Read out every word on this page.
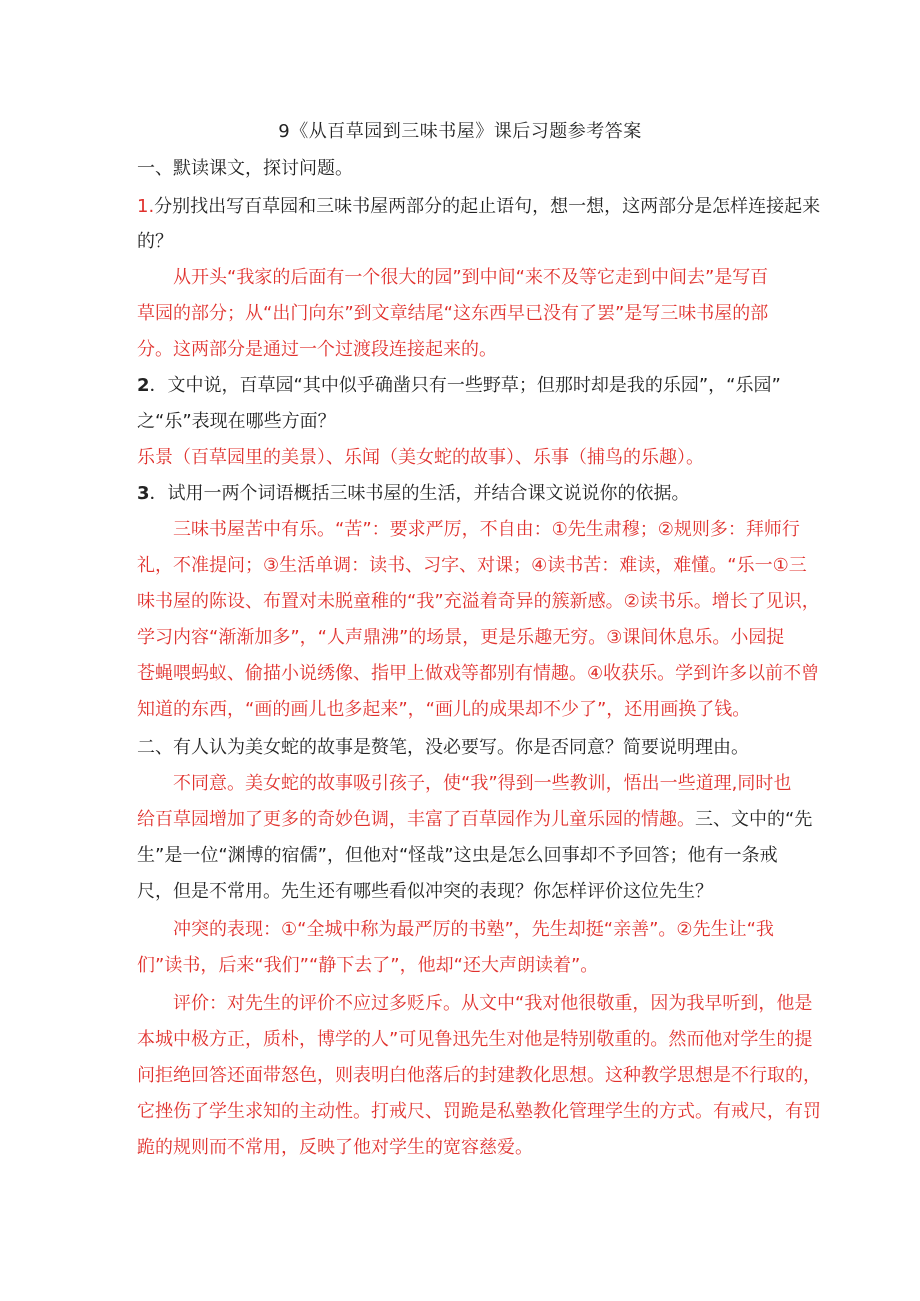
9《从百草园到三味书屋》课后习题参考答案
一、默读课文，探讨问题。
1.分别找出写百草园和三味书屋两部分的起止语句，想一想，这两部分是怎样连接起来
的？
从开头“我家的后面有一个很大的园”到中间“来不及等它走到中间去”是写百
草园的部分；从“出门向东”到文章结尾“这东西早已没有了罢”是写三味书屋的部
分。这两部分是通过一个过渡段连接起来的。
2．文中说，百草园“其中似乎确凿只有一些野草；但那时却是我的乐园”，“乐园”
之“乐”表现在哪些方面？
乐景（百草园里的美景）、乐闻（美女蛇的故事）、乐事（捕鸟的乐趣）。
3．试用一两个词语概括三味书屋的生活，并结合课文说说你的依据。
三味书屋苦中有乐。“苦”：要求严厉，不自由：①先生肃穆；②规则多：拜师行
礼，不准提问；③生活单调：读书、习字、对课；④读书苦：难读，难懂。“乐一①三
味书屋的陈设、布置对未脱童稚的“我”充溢着奇异的簇新感。②读书乐。增长了见识，
学习内容“渐渐加多”，“人声鼎沸”的场景，更是乐趣无穷。③课间休息乐。小园捉
苍蝇喂蚂蚁、偷描小说绣像、指甲上做戏等都别有情趣。④收获乐。学到许多以前不曾
知道的东西，“画的画儿也多起来”，“画儿的成果却不少了”，还用画换了钱。
二、有人认为美女蛇的故事是赘笔，没必要写。你是否同意？简要说明理由。
不同意。美女蛇的故事吸引孩子，使“我”得到一些教训，悟出一些道理,同时也
给百草园增加了更多的奇妙色调，丰富了百草园作为儿童乐园的情趣。三、文中的“先
生”是一位“渊博的宿儒”，但他对“怪哉”这虫是怎么回事却不予回答；他有一条戒
尺，但是不常用。先生还有哪些看似冲突的表现？你怎样评价这位先生？
冲突的表现：①“全城中称为最严厉的书塾”，先生却挺“亲善”。②先生让“我
们”读书，后来“我们”“静下去了”，他却“还大声朗读着”。
评价：对先生的评价不应过多贬斥。从文中“我对他很敬重，因为我早听到，他是
本城中极方正，质朴，博学的人”可见鲁迅先生对他是特别敬重的。然而他对学生的提
问拒绝回答还面带怒色，则表明白他落后的封建教化思想。这种教学思想是不行取的，
它挫伤了学生求知的主动性。打戒尺、罚跪是私塾教化管理学生的方式。有戒尺，有罚
跪的规则而不常用，反映了他对学生的宽容慈爱。
